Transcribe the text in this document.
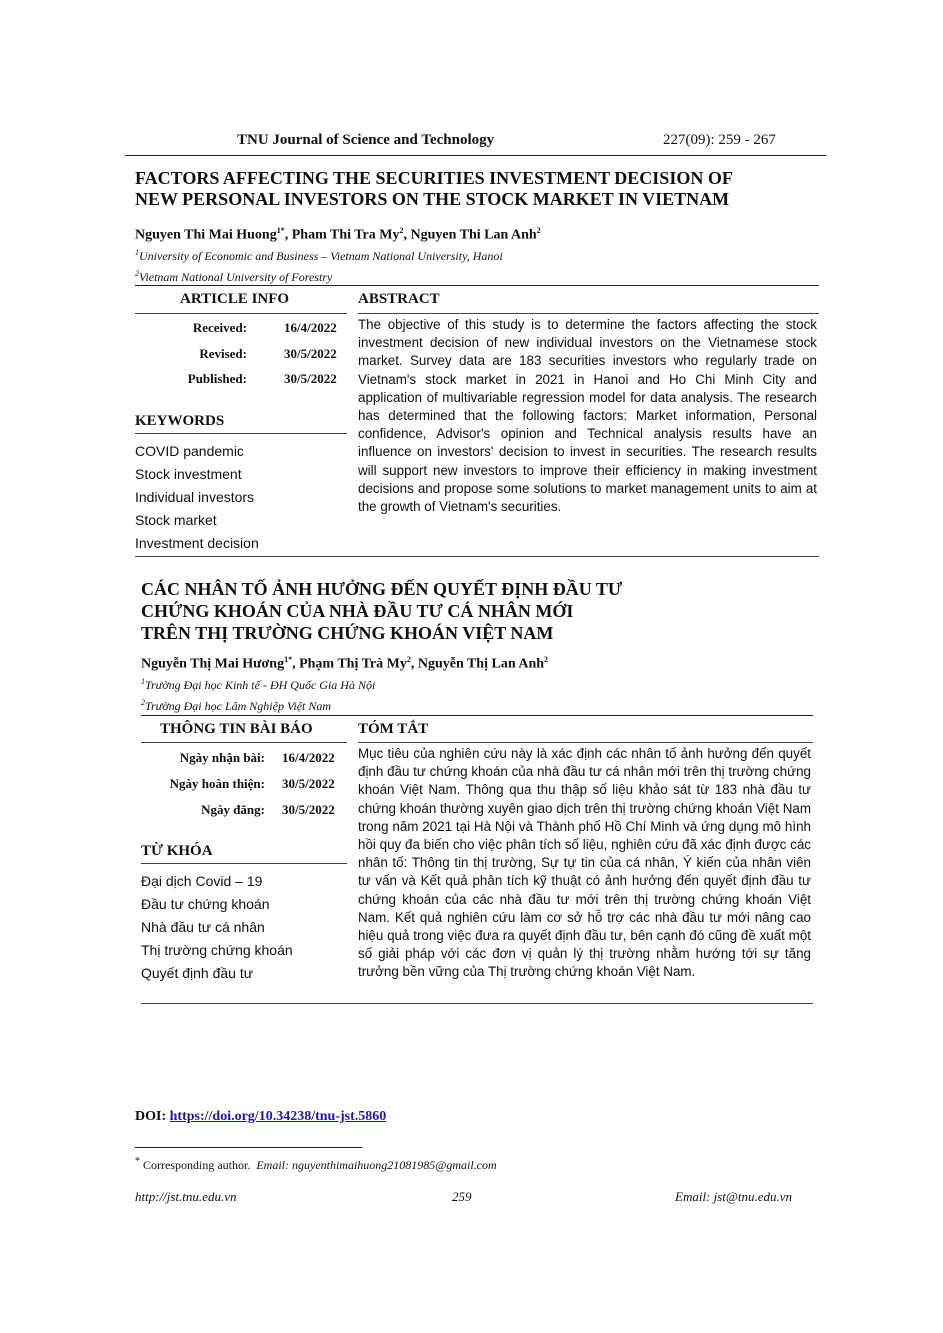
TNU Journal of Science and Technology	227(09): 259 - 267
FACTORS AFFECTING THE SECURITIES INVESTMENT DECISION OF
NEW PERSONAL INVESTORS ON THE STOCK MARKET IN VIETNAM
Nguyen Thi Mai Huong$^{1*}$, Pham Thi Tra My$^2$, Nguyen Thi Lan Anh$^2$
$^1$University of Economic and Business – Vietnam National University, Hanoi
$^2$Vietnam National University of Forestry
ARTICLE INFO	ABSTRACT
Received:	16/4/2022
Revised:	30/5/2022
Published:	30/5/2022
KEYWORDS
COVID pandemic
Stock investment
Individual investors
Stock market
Investment decision
The objective of this study is to determine the factors affecting the stock investment decision of new individual investors on the Vietnamese stock market. Survey data are 183 securities investors who regularly trade on Vietnam's stock market in 2021 in Hanoi and Ho Chi Minh City and application of multivariable regression model for data analysis. The research has determined that the following factors: Market information, Personal confidence, Advisor's opinion and Technical analysis results have an influence on investors' decision to invest in securities. The research results will support new investors to improve their efficiency in making investment decisions and propose some solutions to market management units to aim at the growth of Vietnam's securities.
CÁC NHÂN TỐ ẢNH HƯỞNG ĐẾN QUYẾT ĐỊNH ĐẦU TƯ
CHỨNG KHOÁN CỦA NHÀ ĐẦU TƯ CÁ NHÂN MỚI
TRÊN THỊ TRƯỜNG CHỨNG KHOÁN VIỆT NAM
Nguyễn Thị Mai Hương$^{1*}$, Phạm Thị Trà My$^2$, Nguyễn Thị Lan Anh$^2$
$^1$Trường Đại học Kinh tế - ĐH Quốc Gia Hà Nội
$^2$Trường Đại học Lâm Nghiệp Việt Nam
THÔNG TIN BÀI BÁO	TÓM TẮT
Ngày nhận bài: 16/4/2022
Ngày hoàn thiện: 30/5/2022
Ngày đăng: 30/5/2022
TỪ KHÓA
Đại dịch Covid – 19
Đầu tư chứng khoán
Nhà đầu tư cá nhân
Thị trường chứng khoán
Quyết định đầu tư
Mục tiêu của nghiên cứu này là xác định các nhân tố ảnh hưởng đến quyết định đầu tư chứng khoán của nhà đầu tư cá nhân mới trên thị trường chứng khoán Việt Nam. Thông qua thu thập số liệu khảo sát từ 183 nhà đầu tư chứng khoán thường xuyên giao dịch trên thị trường chứng khoán Việt Nam trong năm 2021 tại Hà Nội và Thành phố Hồ Chí Minh và ứng dụng mô hình hồi quy đa biến cho việc phân tích số liệu, nghiên cứu đã xác định được các nhân tố: Thông tin thị trường, Sự tự tin của cá nhân, Ý kiến của nhân viên tư vấn và Kết quả phân tích kỹ thuật có ảnh hưởng đến quyết định đầu tư chứng khoán của các nhà đầu tư mới trên thị trường chứng khoán Việt Nam. Kết quả nghiên cứu làm cơ sở hỗ trợ các nhà đầu tư mới nâng cao hiệu quả trong việc đưa ra quyết định đầu tư, bên cạnh đó cũng đề xuất một số giải pháp với các đơn vị quản lý thị trường nhằm hướng tới sự tăng trưởng bền vững của Thị trường chứng khoán Việt Nam.
DOI: https://doi.org/10.34238/tnu-jst.5860
* Corresponding author. Email: nguyenthimaihuong21081985@gmail.com
http://jst.tnu.edu.vn	259	Email: jst@tnu.edu.vn
